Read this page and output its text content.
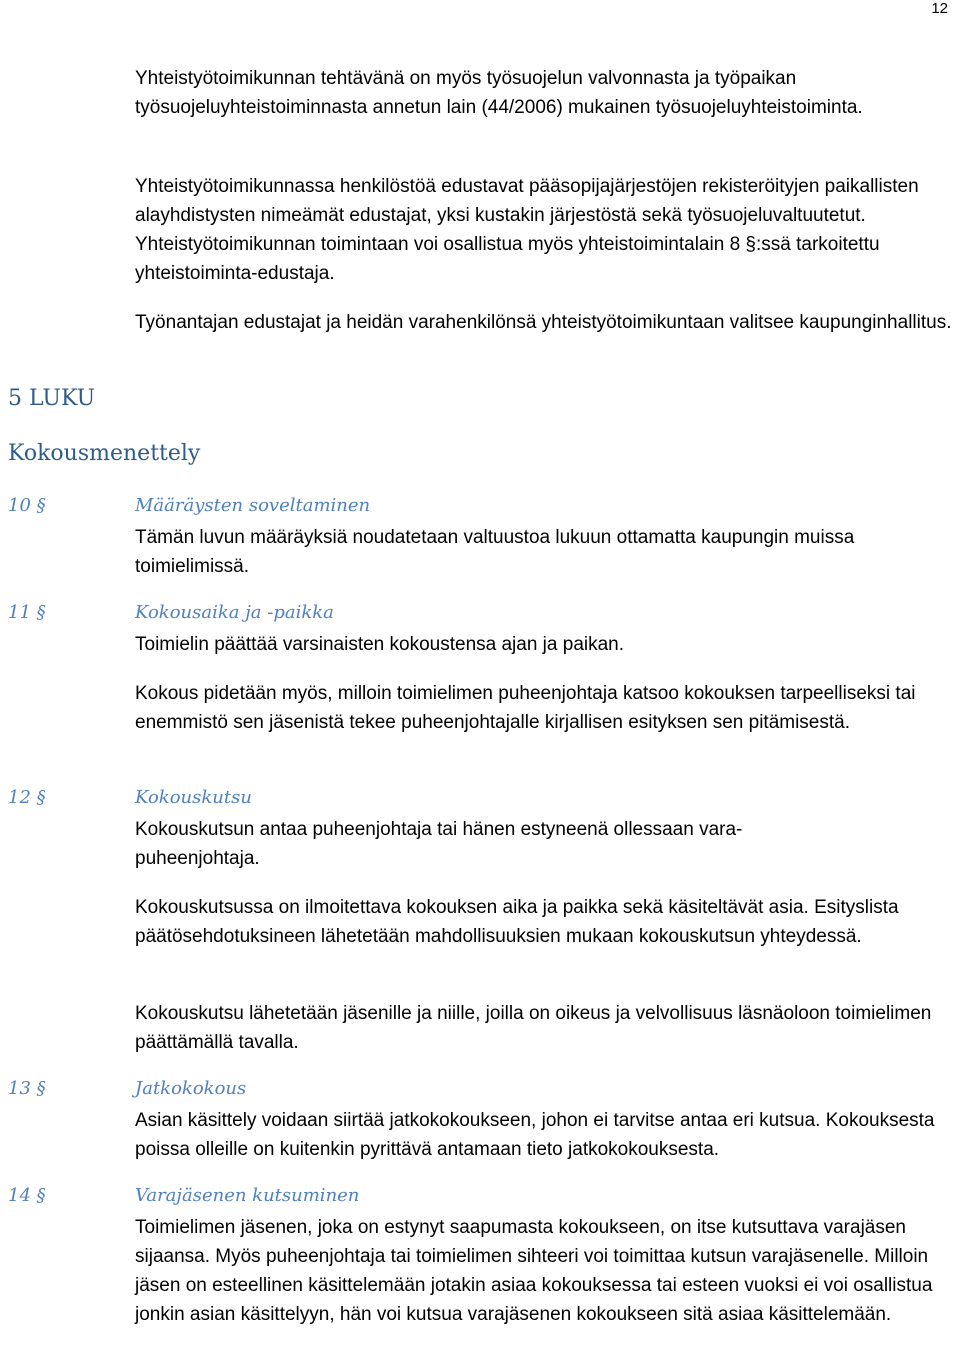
12

Yhteistyötoimikunnan tehtävänä on myös työsuojelun valvonnasta ja työpaikan työsuojeluyhteistoiminnasta annetun lain (44/2006) mukainen työsuojeluyhteistoiminta.

Yhteistyötoimikunnassa henkilöstöä edustavat pääsopijajärjestöjen rekisteröityjen paikallisten alayhdistysten nimeämät edustajat, yksi kustakin järjestöstä sekä työsuojeluvaltuutetut. Yhteistyötoimikunnan toimintaan voi osallistua myös yhteistoimintalain 8 §:ssä tarkoitettu yhteistoiminta-edustaja.

Työnantajan edustajat ja heidän varahenkilönsä yhteistyötoimikuntaan valitsee kaupunginhallitus.

5 LUKU
Kokousmenettely
10 §	Määräysten soveltaminen

Tämän luvun määräyksiä noudatetaan valtuustoa lukuun ottamatta kaupungin muissa toimielimissä.

11 §	Kokousaika ja -paikka

Toimielin päättää varsinaisten kokoustensa ajan ja paikan.

Kokous pidetään myös, milloin toimielimen puheenjohtaja katsoo kokouksen tarpeelliseksi tai enemmistö sen jäsenistä tekee puheenjohtajalle kirjallisen esityksen sen pitämisestä.

12 §	Kokouskutsu

Kokouskutsun antaa puheenjohtaja tai hänen estyneenä ollessaan vara-puheenjohtaja.

Kokouskutsussa on ilmoitettava kokouksen aika ja paikka sekä käsiteltävät asia. Esityslista päätösehdotuksineen lähetetään mahdollisuuksien mukaan kokouskutsun yhteydessä.

Kokouskutsu lähetetään jäsenille ja niille, joilla on oikeus ja velvollisuus läsnäoloon toimielimen päättämällä tavalla.

13 §	Jatkokokous

Asian käsittely voidaan siirtää jatkokokoukseen, johon ei tarvitse antaa eri kutsua. Kokouksesta poissa olleille on kuitenkin pyrittävä antamaan tieto jatkokokouksesta.

14 §	Varajäsenen kutsuminen

Toimielimen jäsenen, joka on estynyt saapumasta kokoukseen, on itse kutsuttava varajäsen sijaansa. Myös puheenjohtaja tai toimielimen sihteeri voi toimittaa kutsun varajäsenelle. Milloin jäsen on esteellinen käsittelemään jotakin asiaa kokouksessa tai esteen vuoksi ei voi osallistua jonkin asian käsittelyyn, hän voi kutsua varajäsenen kokoukseen sitä asiaa käsittelemään.
